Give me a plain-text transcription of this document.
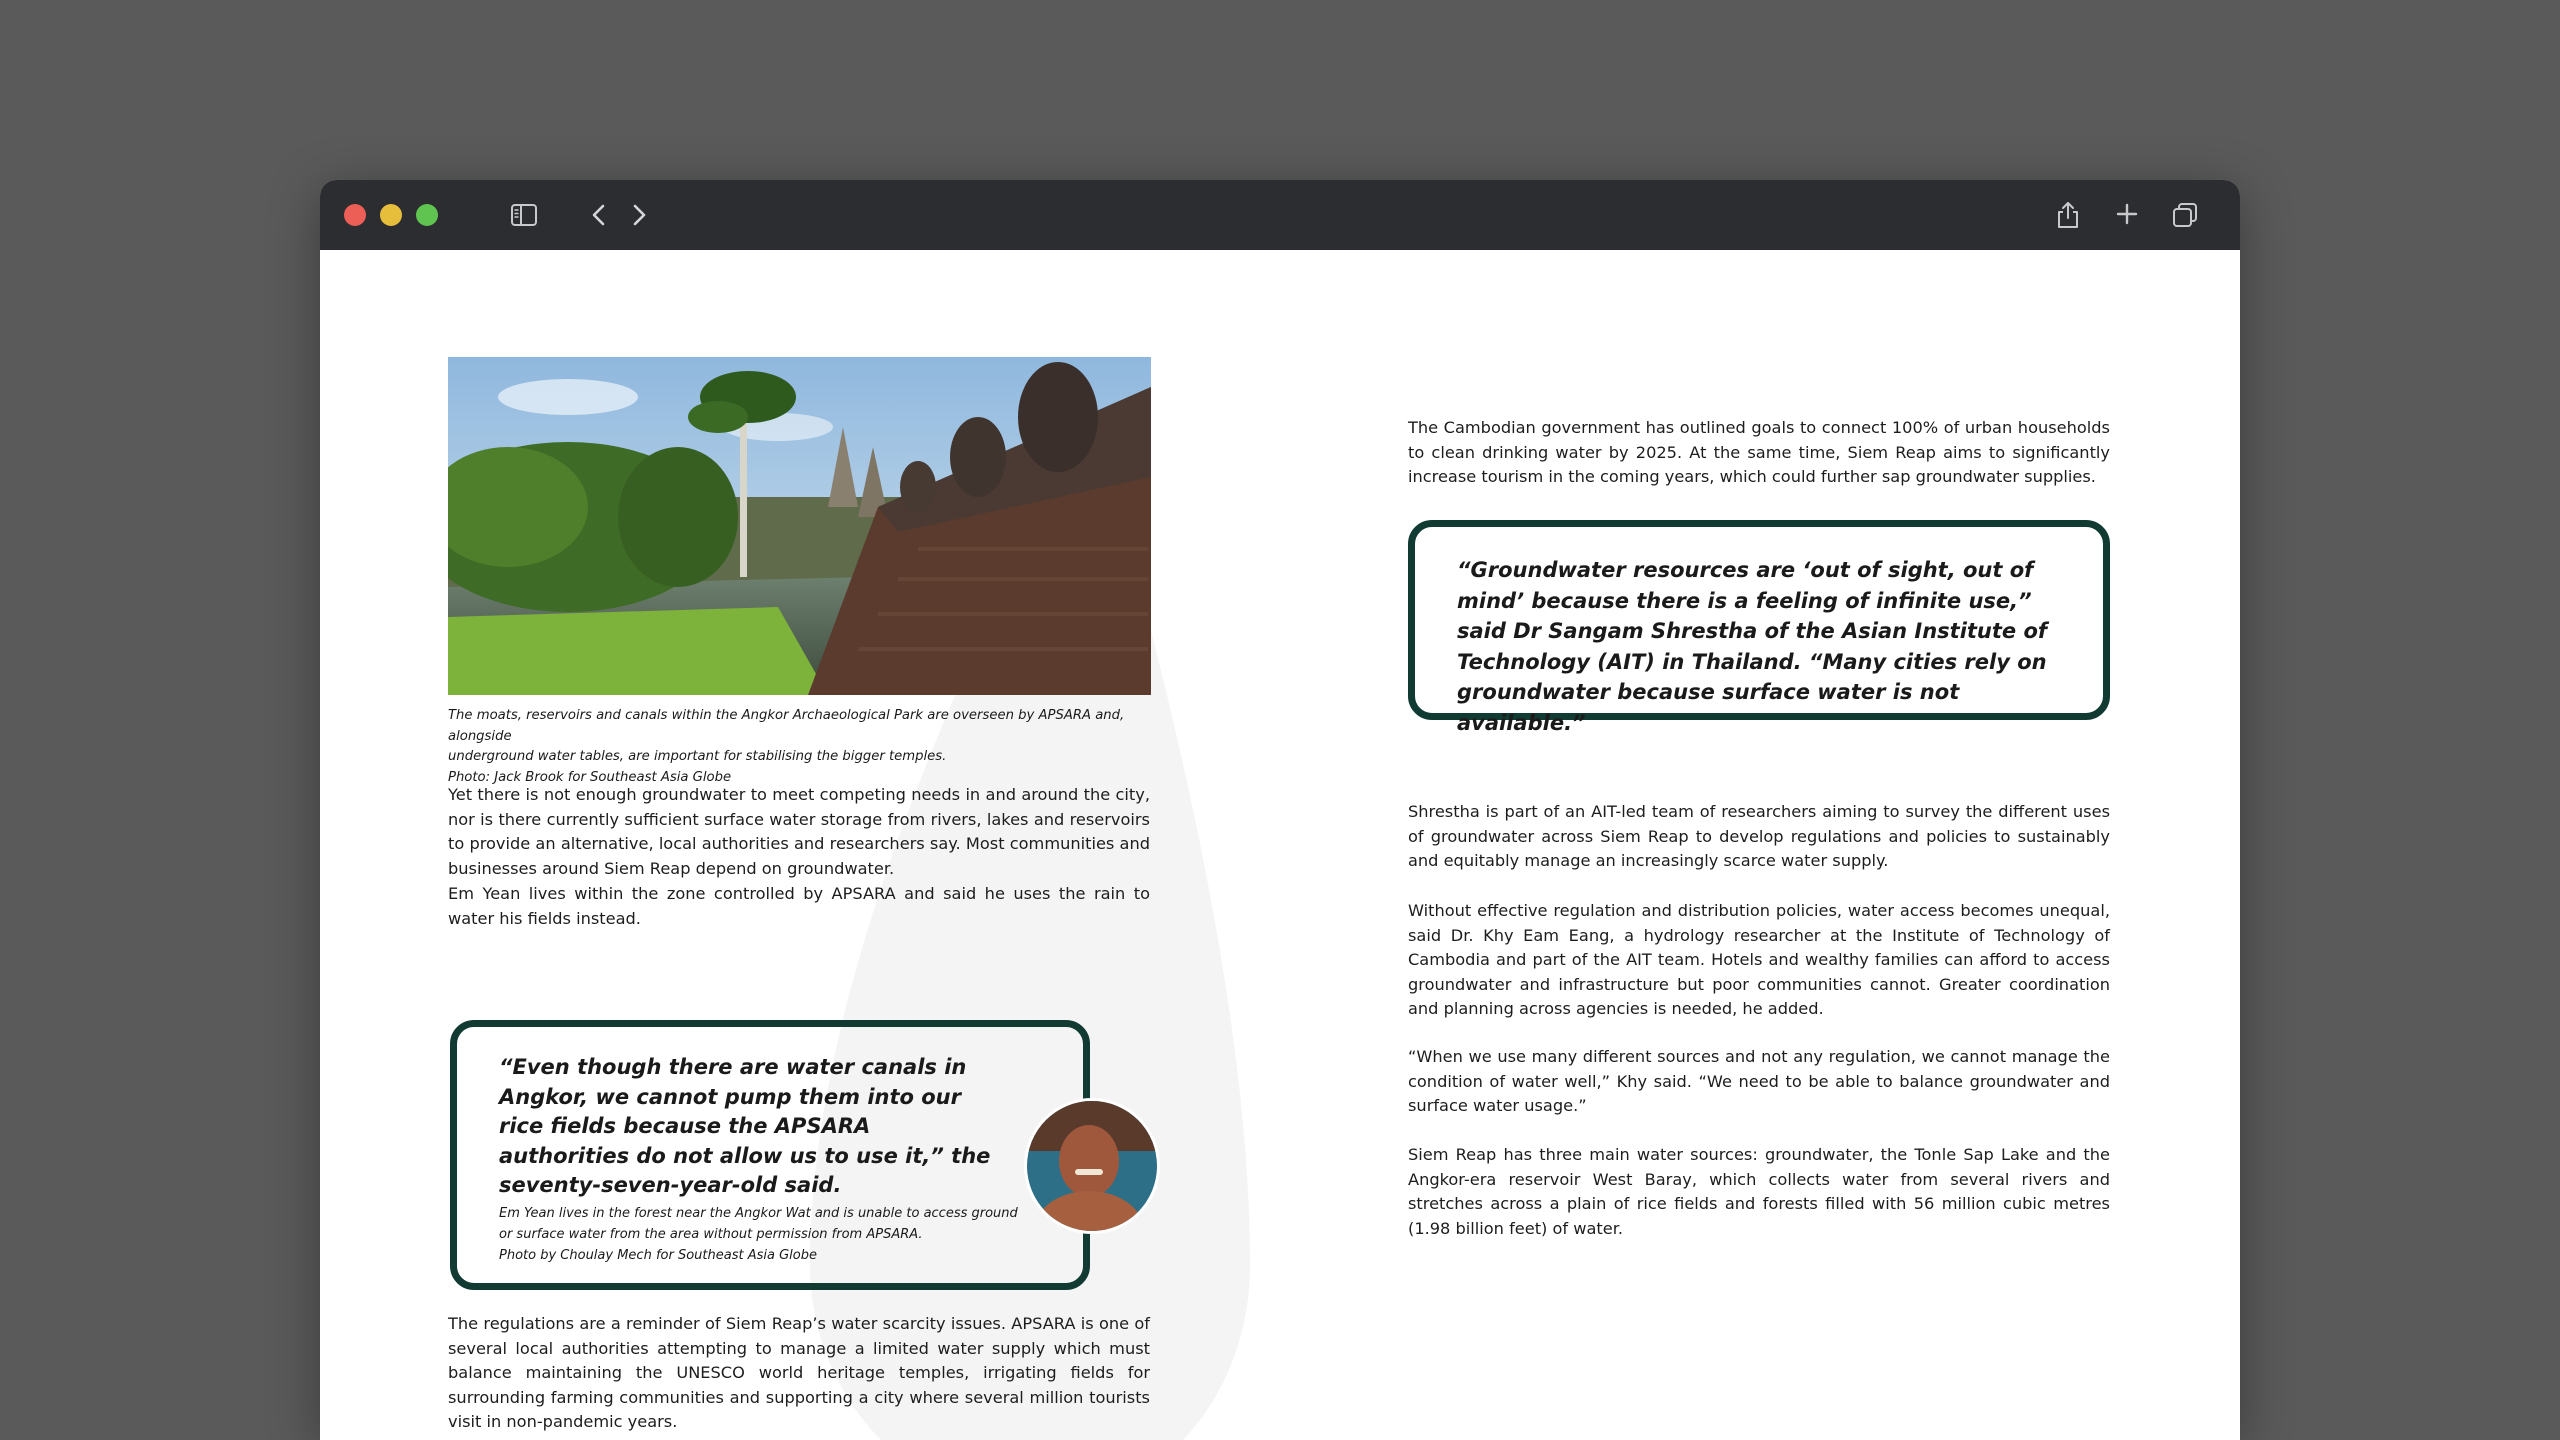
The moats, reservoirs and canals within the Angkor Archaeological Park are overseen by APSARA and, alongside

underground water tables, are important for stabilising the bigger temples.

Photo: Jack Brook for Southeast Asia Globe

Yet there is not enough groundwater to meet competing needs in and around the city, nor is there currently sufficient surface water storage from rivers, lakes and reservoirs to provide an alternative, local authorities and researchers say. Most communities and businesses around Siem Reap depend on groundwater.

Em Yean lives within the zone controlled by APSARA and said he uses the rain to water his fields instead.

“Even though there are water canals in Angkor, we cannot pump them into our rice fields because the APSARA authorities do not allow us to use it,” the seventy-seven-year-old said.

Em Yean lives in the forest near the Angkor Wat and is unable to access ground

or surface water from the area without permission from APSARA.

Photo by Choulay Mech for Southeast Asia Globe

The regulations are a reminder of Siem Reap’s water scarcity issues. APSARA is one of several local authorities attempting to manage a limited water supply which must balance maintaining the UNESCO world heritage temples, irrigating fields for surrounding farming communities and supporting a city where several million tourists visit in non-pandemic years.

The Cambodian government has outlined goals to connect 100% of urban households to clean drinking water by 2025. At the same time, Siem Reap aims to significantly increase tourism in the coming years, which could further sap groundwater supplies.

“Groundwater resources are ‘out of sight, out of mind’ because there is a feeling of infinite use,” said Dr Sangam Shrestha of the Asian Institute of Technology (AIT) in Thailand. “Many cities rely on groundwater because surface water is not available.”

Shrestha is part of an AIT-led team of researchers aiming to survey the different uses of groundwater across Siem Reap to develop regulations and policies to sustainably and equitably manage an increasingly scarce water supply.

Without effective regulation and distribution policies, water access becomes unequal, said Dr. Khy Eam Eang, a hydrology researcher at the Institute of Technology of Cambodia and part of the AIT team. Hotels and wealthy families can afford to access groundwater and infrastructure but poor communities cannot. Greater coordination and planning across agencies is needed, he added.

“When we use many different sources and not any regulation, we cannot manage the condition of water well,” Khy said. “We need to be able to balance groundwater and surface water usage.”

Siem Reap has three main water sources: groundwater, the Tonle Sap Lake and the Angkor-era reservoir West Baray, which collects water from several rivers and stretches across a plain of rice fields and forests filled with 56 million cubic metres (1.98 billion feet) of water.
